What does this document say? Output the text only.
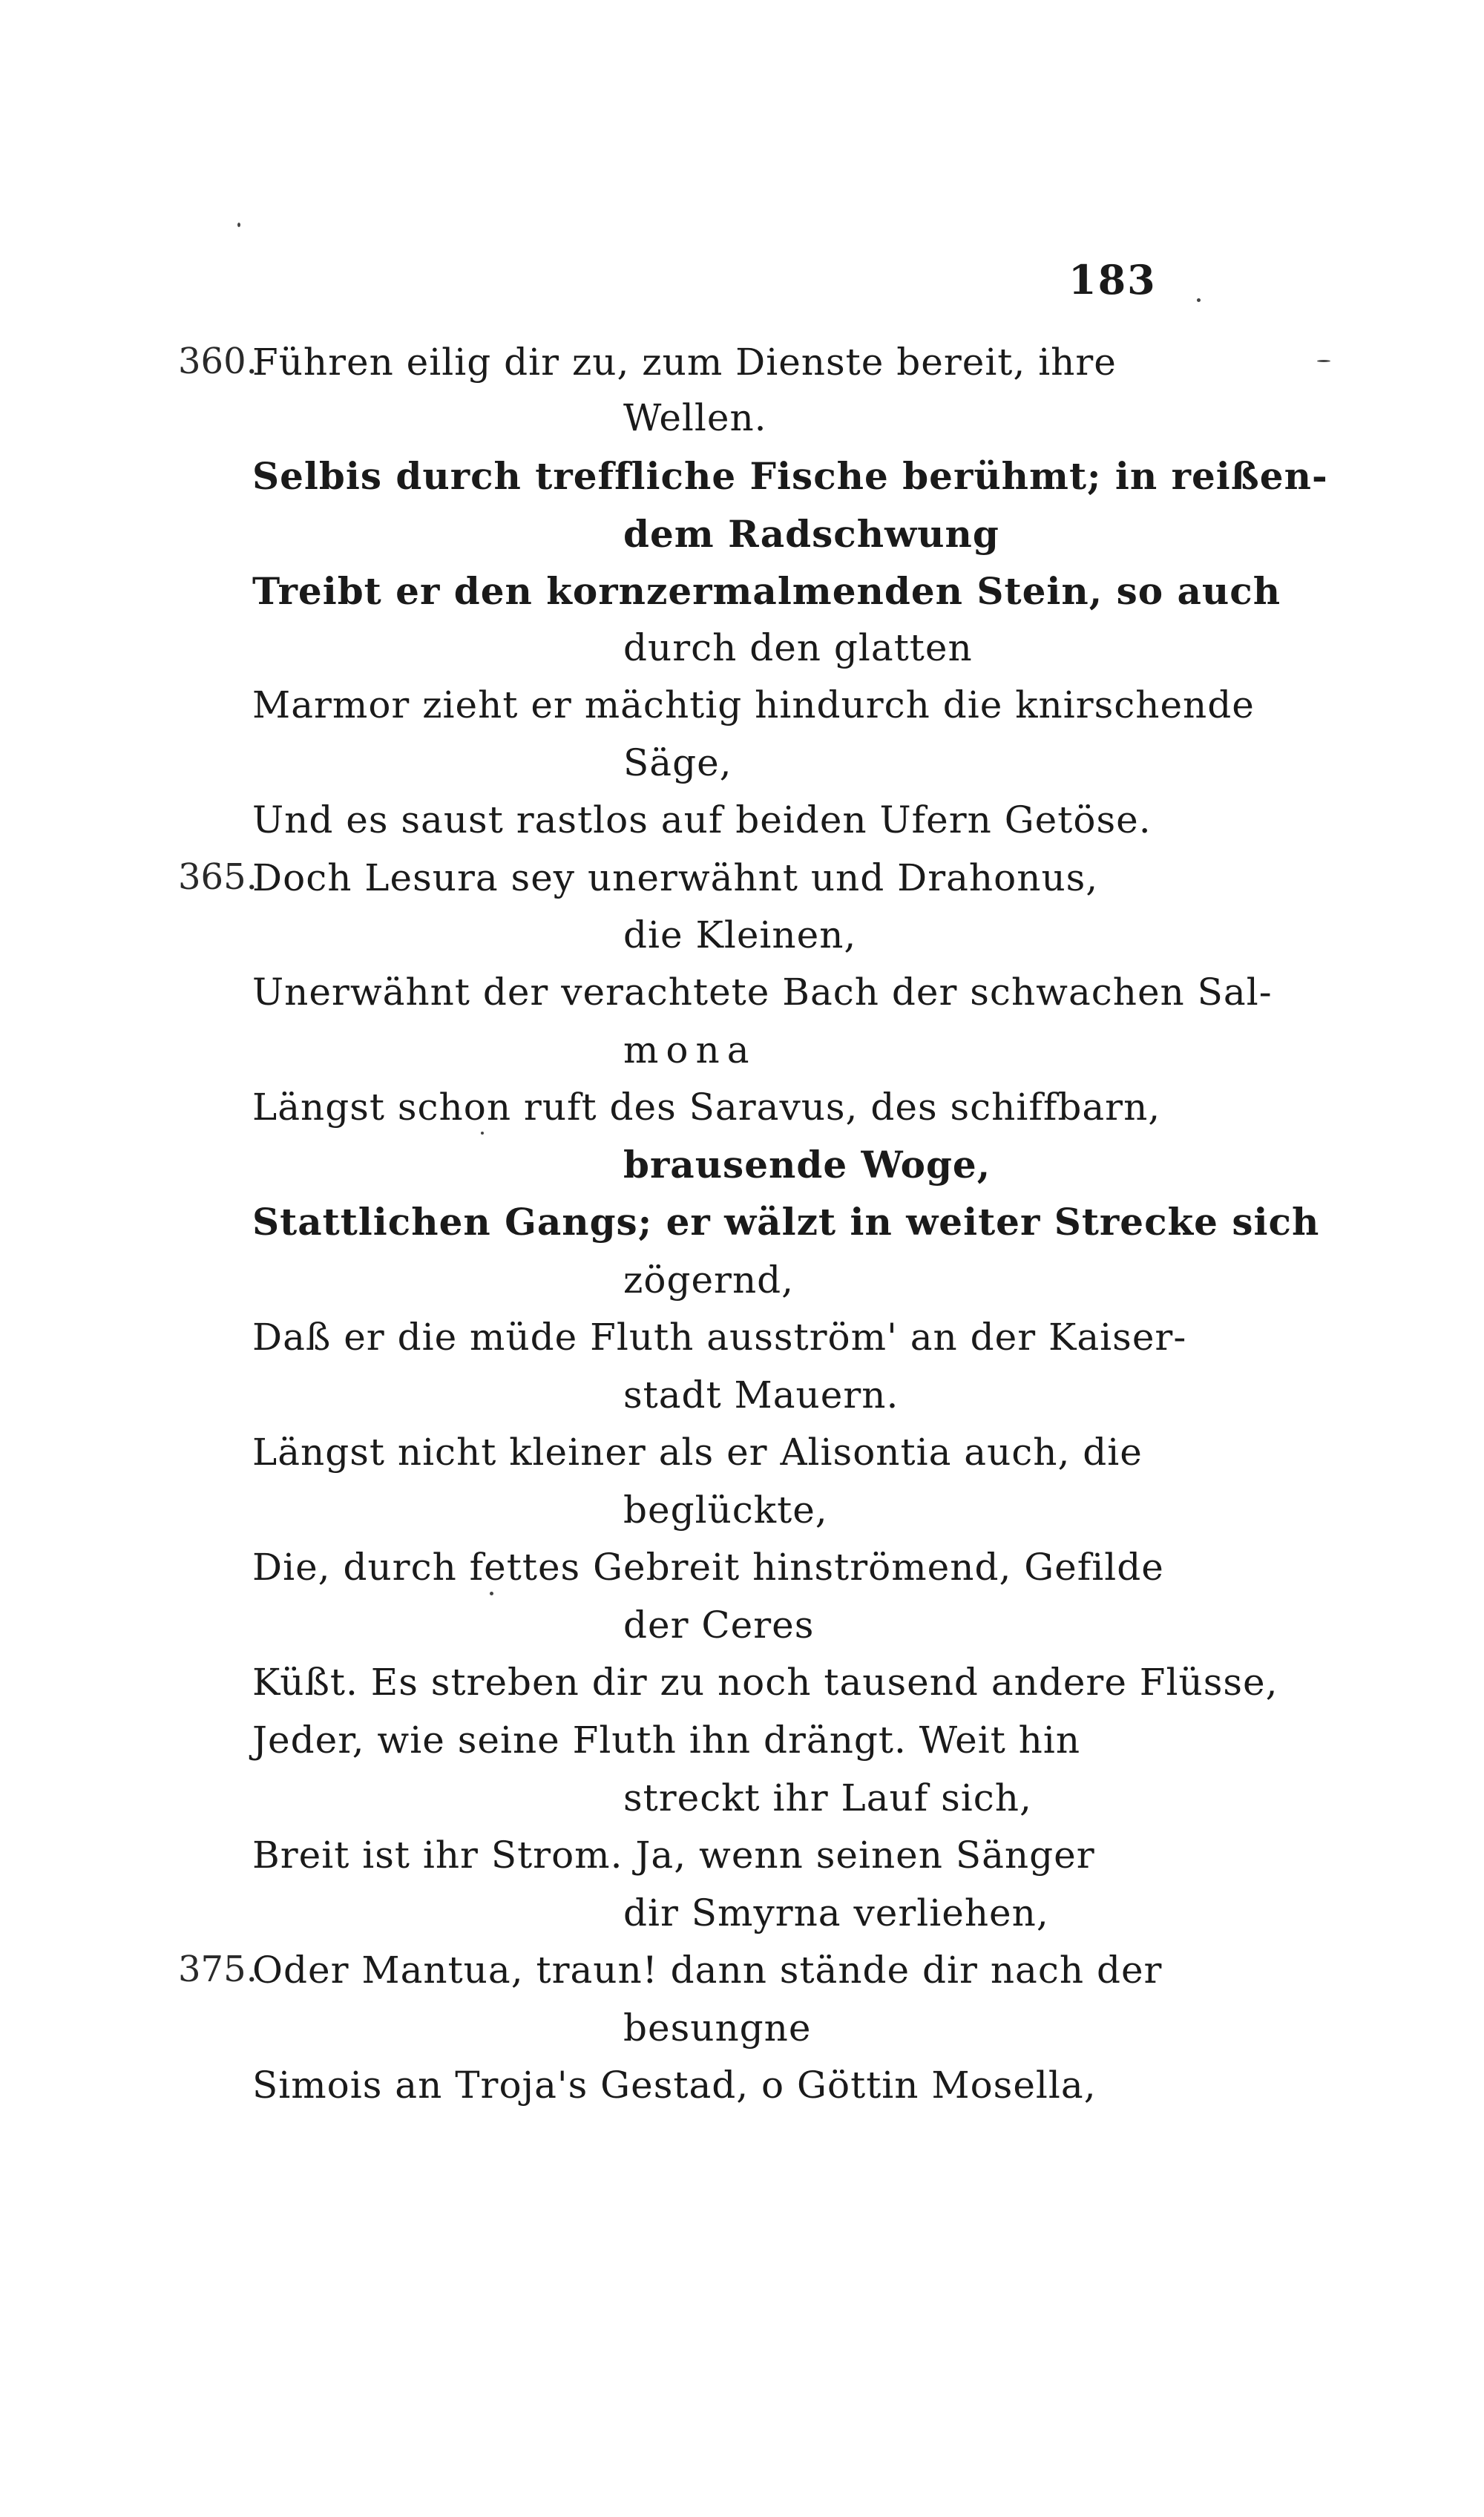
183
360.
Führen eilig dir zu, zum Dienste bereit, ihre
Wellen.
Selbis durch treffliche Fische berühmt; in reißen-
dem Radschwung
Treibt er den kornzermalmenden Stein, so auch
durch den glatten
Marmor zieht er mächtig hindurch die knirschende
Säge,
Und es saust rastlos auf beiden Ufern Getöse.
365.
Doch Lesura sey unerwähnt und Drahonus,
die Kleinen,
Unerwähnt der verachtete Bach der schwachen Sal-
mona
Längst schon ruft des Saravus, des schiffbarn,
brausende Woge,
Stattlichen Gangs; er wälzt in weiter Strecke sich
zögernd,
Daß er die müde Fluth ausström' an der Kaiser-
stadt Mauern.
Längst nicht kleiner als er Alisontia auch, die
beglückte,
Die, durch fettes Gebreit hinströmend, Gefilde
der Ceres
Küßt. Es streben dir zu noch tausend andere Flüsse,
Jeder, wie seine Fluth ihn drängt. Weit hin
streckt ihr Lauf sich,
Breit ist ihr Strom. Ja, wenn seinen Sänger
dir Smyrna verliehen,
375.
Oder Mantua, traun! dann stände dir nach der
besungne
Simois an Troja's Gestad, o Göttin Mosella,
